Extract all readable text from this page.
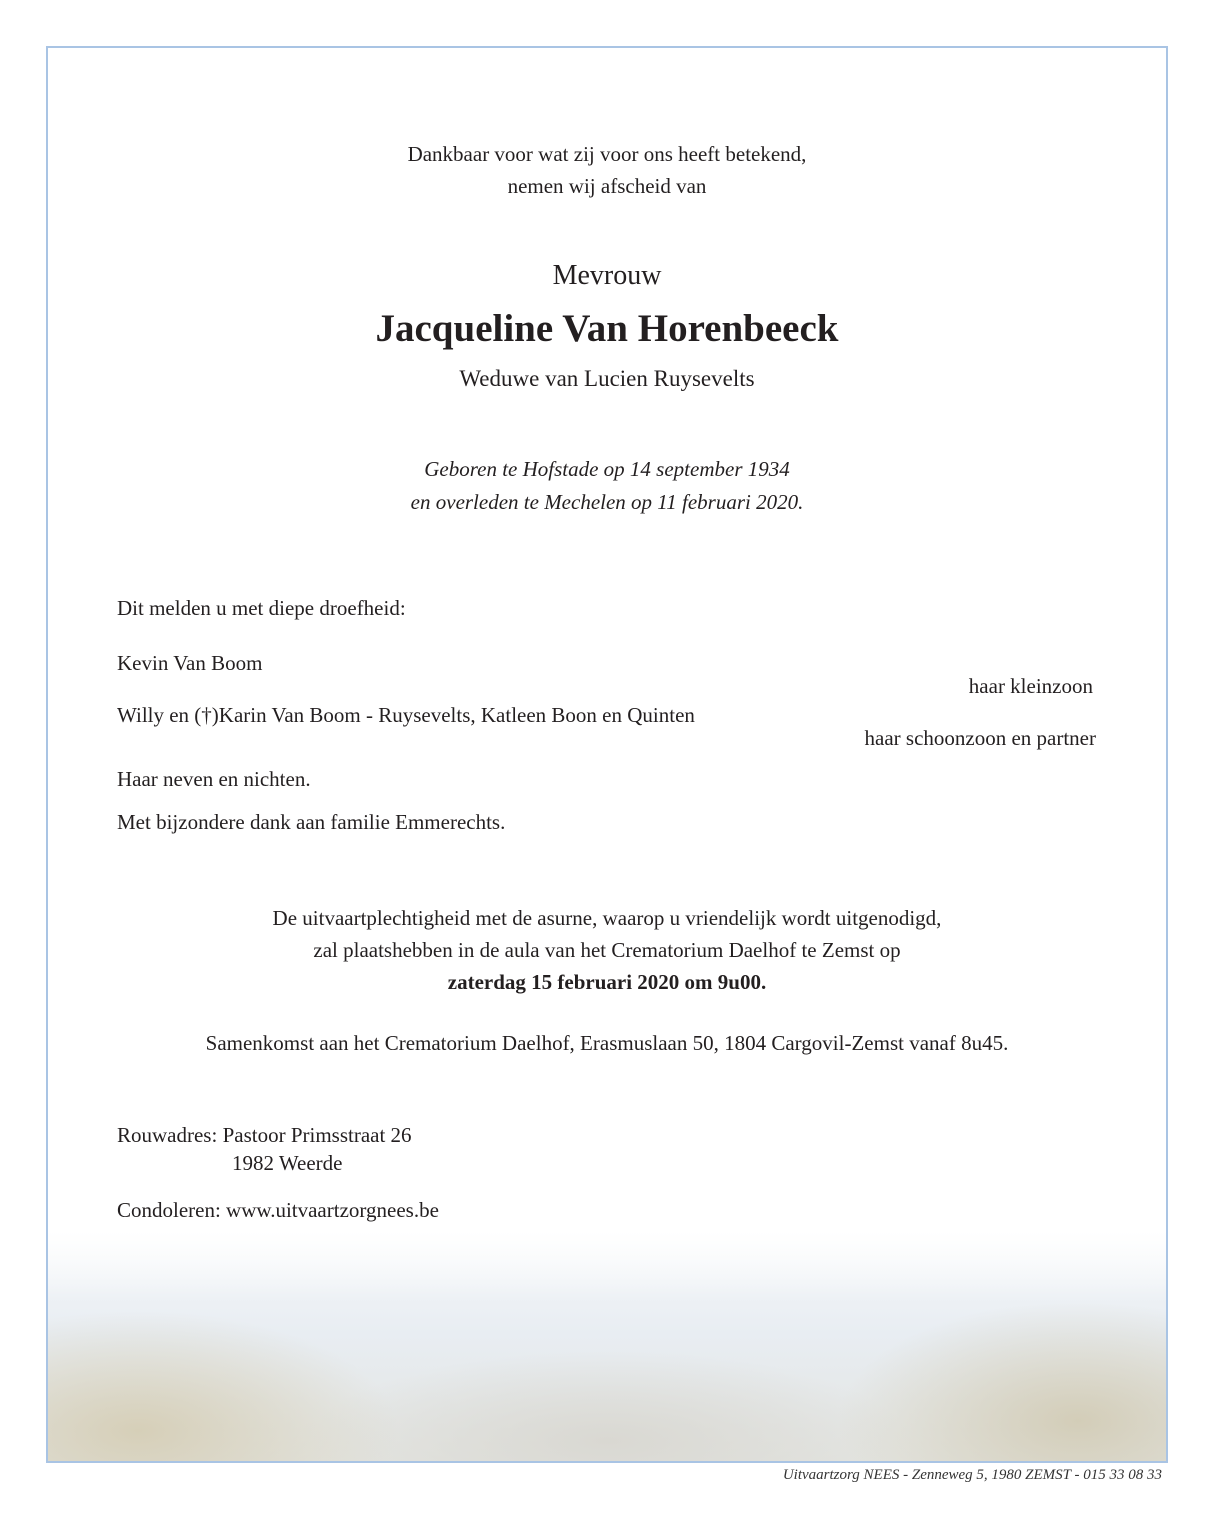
Dankbaar voor wat zij voor ons heeft betekend,
nemen wij afscheid van
Mevrouw
Jacqueline Van Horenbeeck
Weduwe van Lucien Ruysevelts
Geboren te Hofstade op 14 september 1934
en overleden te Mechelen op 11 februari 2020.
Dit melden u met diepe droefheid:
Kevin Van Boom
haar kleinzoon
Willy en (†)Karin Van Boom - Ruysevelts, Katleen Boon en Quinten
haar schoonzoon en partner
Haar neven en nichten.
Met bijzondere dank aan familie Emmerechts.
De uitvaartplechtigheid met de asurne, waarop u vriendelijk wordt uitgenodigd,
zal plaatshebben in de aula van het Crematorium Daelhof te Zemst op
zaterdag 15 februari 2020 om 9u00.
Samenkomst aan het Crematorium Daelhof, Erasmuslaan 50, 1804 Cargovil-Zemst vanaf 8u45.
Rouwadres: Pastoor Primsstraat 26
1982 Weerde
Condoleren: www.uitvaartzorgnees.be
Uitvaartzorg NEES - Zenneweg 5, 1980 ZEMST - 015 33 08 33
